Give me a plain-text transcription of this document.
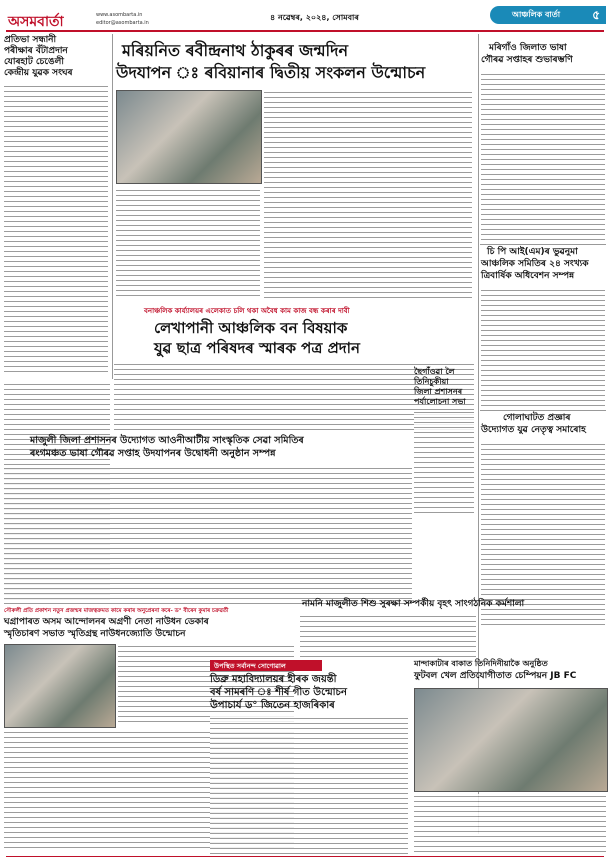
অসমবাৰ্তা	www.asombarta.in
editor@asombarta.in
৪ নৱেম্বৰ, ২০২৪, সোমবাৰ	আঞ্চলিক বাৰ্তা	৫
প্ৰতিভা সন্ধানী
পৰীক্ষাৰ বঁটাপ্ৰদান
যোৰহাট চেঙেলী
কেন্দ্ৰীয় যুৱক সংঘৰ
মৰিয়নিত ৰবীন্দ্ৰনাথ ঠাকুৰৰ জন্মদিন
উদযাপন ঃ ৰবিয়ানাৰ দ্বিতীয় সংকলন উন্মোচন
মৰিগাঁও জিলাত ভাষা
গৌৰৱ সপ্তাহৰ শুভাৰম্ভণি
চি পি আই(এম)ৰ ভুৱনুমা
আঞ্চলিক সমিতিৰ ২৪ সংখ্যক
ত্ৰিবাৰ্ষিক অধিবেশন সম্পন্ন
গোলাঘাটত প্ৰজ্ঞাৰ
উদ্যোগত যুৱ নেতৃত্ব সমাৰোহ
বনাঞ্চলিক কাৰ্য্যালয়ৰ এলেকাত চলি থকা অবৈধ কাম কাজ বন্ধ কৰাৰ দাবী
লেখাপানী আঞ্চলিক বন বিষয়াক
যুৱ ছাত্ৰ পৰিষদৰ স্মাৰক পত্ৰ প্ৰদান
ছৈগাঁওৱা লৈ
তিনিচুকীয়া
জিলা প্ৰশাসনৰ
পৰ্যালোচনা সভা
মাজুলী জিলা প্ৰশাসনৰ উদ্যোগত আওনীআটীয় সাংস্কৃতিক সেৱা সমিতিৰ
ৰংগমঞ্চত ভাষা গৌৰৱ সপ্তাহ উদযাপনৰ উদ্বোধনী অনুষ্ঠান সম্পন্ন
নামনি মাজুলীত শিশু সুৰক্ষা সম্পৰ্কীয় বৃহৎ সাংগঠনিক কৰ্মশালা
সৌৰুলী প্ৰতি প্ৰকাশন নতুন প্ৰজন্মৰ মাজত্বক্ৰমত কামে কৰাৰ অনুপ্ৰেৰনা কৰে- ড° বীৰেন কুমাৰ চক্ৰৱৰ্তী
ঘগ্ৰাপাৰত অসম আন্দোলনৰ অগ্ৰণী নেতা নাউধন ডেকাৰ
স্মৃতিচাৰণ সভাত স্মৃতিগ্ৰন্থ নাউধনজ্যোতি উন্মোচন
উপস্থিত সৰ্বানন্দ সোণোৱাল
ডিব্ৰু মহাবিদ্যালয়ৰ হীৰক জয়ন্তী
বৰ্ষ সামৰণি ঃ শীৰ্ষ গীত উন্মোচন
উপাচাৰ্য ড° জিতেন হাজৰিকাৰ
মান্দাকাটাৰ বাকাত তিনিদিনীয়াকৈ অনুষ্ঠিত
ফুটবল খেল প্ৰতিযোগীতাত চেম্পিয়ন JB FC
